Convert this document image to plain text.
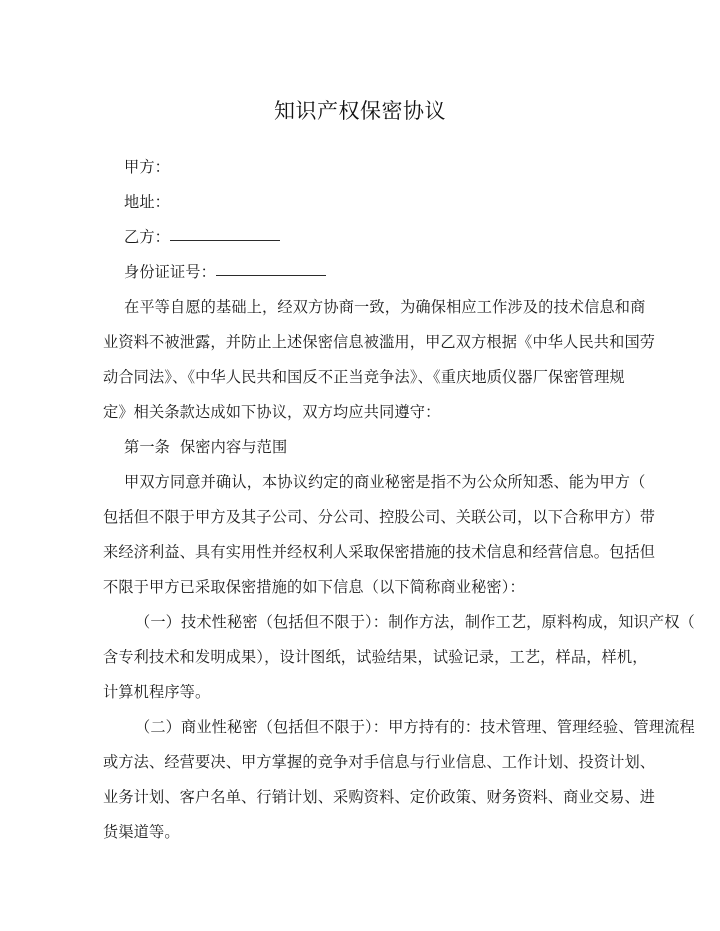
知识产权保密协议
甲方：
地址：
乙方：
身份证证号：
在平等自愿的基础上，经双方协商一致，为确保相应工作涉及的技术信息和商
业资料不被泄露，并防止上述保密信息被滥用，甲乙双方根据《中华人民共和国劳
动合同法》、《中华人民共和国反不正当竞争法》、《重庆地质仪器厂保密管理规
定》相关条款达成如下协议，双方均应共同遵守：
第一条  保密内容与范围
甲双方同意并确认，本协议约定的商业秘密是指不为公众所知悉、能为甲方（
包括但不限于甲方及其子公司、分公司、控股公司、关联公司，以下合称甲方）带
来经济利益、具有实用性并经权利人采取保密措施的技术信息和经营信息。包括但
不限于甲方已采取保密措施的如下信息（以下简称商业秘密）：
（一）技术性秘密（包括但不限于）：制作方法，制作工艺，原料构成，知识产权（
含专利技术和发明成果），设计图纸，试验结果，试验记录，工艺，样品，样机，
计算机程序等。
（二）商业性秘密（包括但不限于）：甲方持有的：技术管理、管理经验、管理流程
或方法、经营要决、甲方掌握的竞争对手信息与行业信息、工作计划、投资计划、
业务计划、客户名单、行销计划、采购资料、定价政策、财务资料、商业交易、进
货渠道等。
